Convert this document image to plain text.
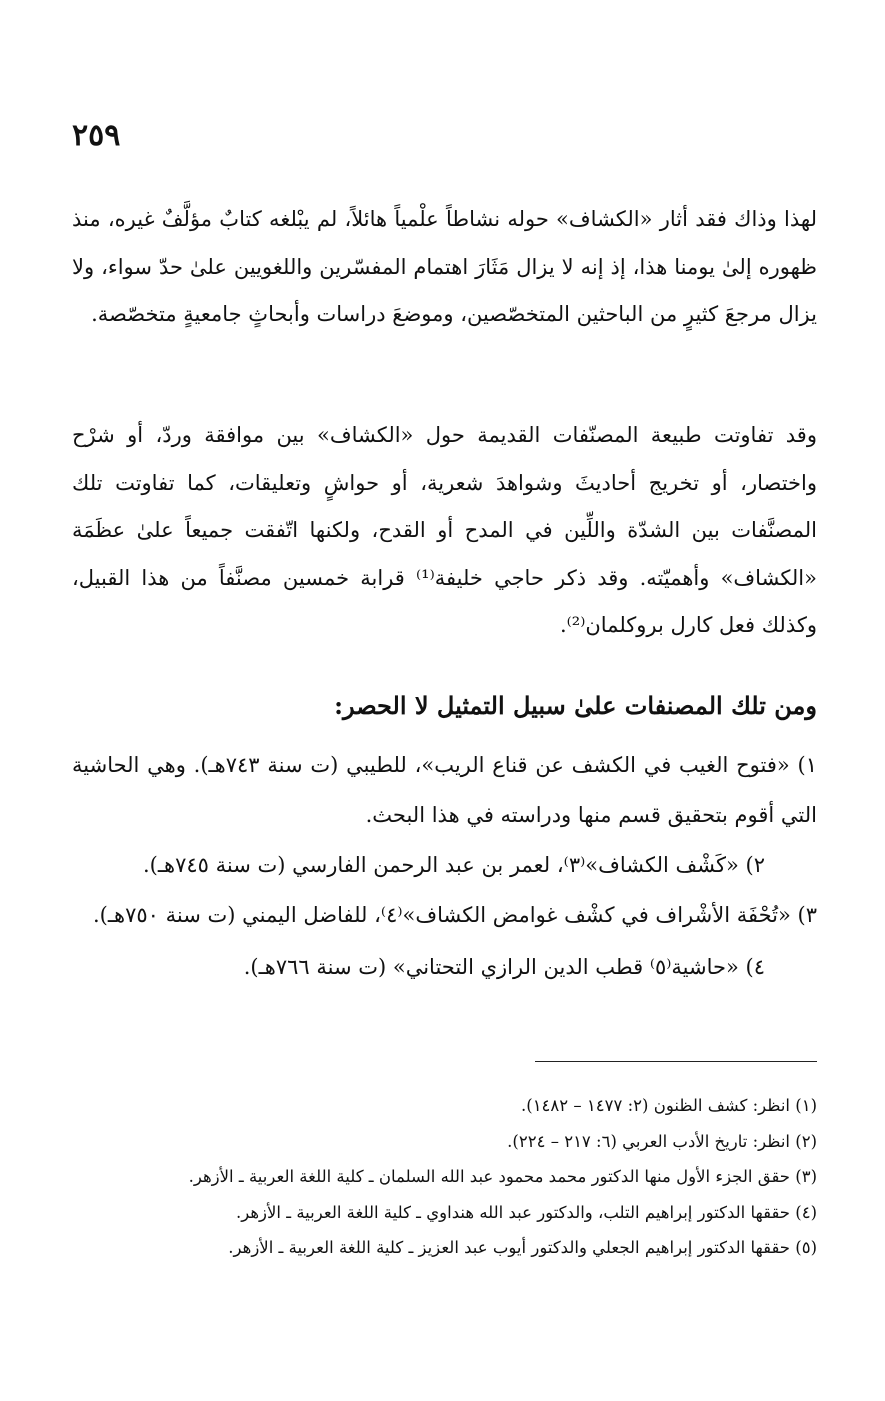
٢٥٩
لهذا وذاك فقد أثار «الكشاف» حوله نشاطاً علْمياً هائلاً، لم يبْلغه كتابٌ مؤلَّفٌ غيره، منذ ظهوره إلىٰ يومنا هذا، إذ إنه لا يزال مَثَارَ اهتمام المفسّرين واللغويين علىٰ حدّ سواء، ولا يزال مرجعَ كثيرٍ من الباحثين المتخصّصين، وموضعَ دراسات وأبحاثٍ جامعيةٍ متخصّصة.
وقد تفاوتت طبيعة المصنّفات القديمة حول «الكشاف» بين موافقة وردّ، أو شرْح واختصار، أو تخريج أحاديثَ وشواهدَ شعرية، أو حواشٍ وتعليقات، كما تفاوتت تلك المصنَّفات بين الشدّة واللِّين في المدح أو القدح، ولكنها اتّفقت جميعاً علىٰ عظَمَة «الكشاف» وأهميّته. وقد ذكر حاجي خليفة⁽¹⁾ قرابة خمسين مصنَّفاً من هذا القبيل، وكذلك فعل كارل بروكلمان⁽²⁾.
ومن تلك المصنفات علىٰ سبيل التمثيل لا الحصر:
١) «فتوح الغيب في الكشف عن قناع الريب»، للطيبي (ت سنة ٧٤٣هـ). وهي الحاشية التي أقوم بتحقيق قسم منها ودراسته في هذا البحث.
٢) «كَشْف الكشاف»⁽٣⁾، لعمر بن عبد الرحمن الفارسي (ت سنة ٧٤٥هـ).
٣) «تُحْفَة الأشْراف في كشْف غوامض الكشاف»⁽٤⁾، للفاضل اليمني (ت سنة ٧٥٠هـ).
٤) «حاشية⁽٥⁾ قطب الدين الرازي التحتاني» (ت سنة ٧٦٦هـ).
(١) انظر: كشف الظنون (٢: ١٤٧٧ – ١٤٨٢).
(٢) انظر: تاريخ الأدب العربي (٦: ٢١٧ – ٢٢٤).
(٣) حقق الجزء الأول منها الدكتور محمد محمود عبد الله السلمان ـ كلية اللغة العربية ـ الأزهر.
(٤) حققها الدكتور إبراهيم التلب، والدكتور عبد الله هنداوي ـ كلية اللغة العربية ـ الأزهر.
(٥) حققها الدكتور إبراهيم الجعلي والدكتور أيوب عبد العزيز ـ كلية اللغة العربية ـ الأزهر.
